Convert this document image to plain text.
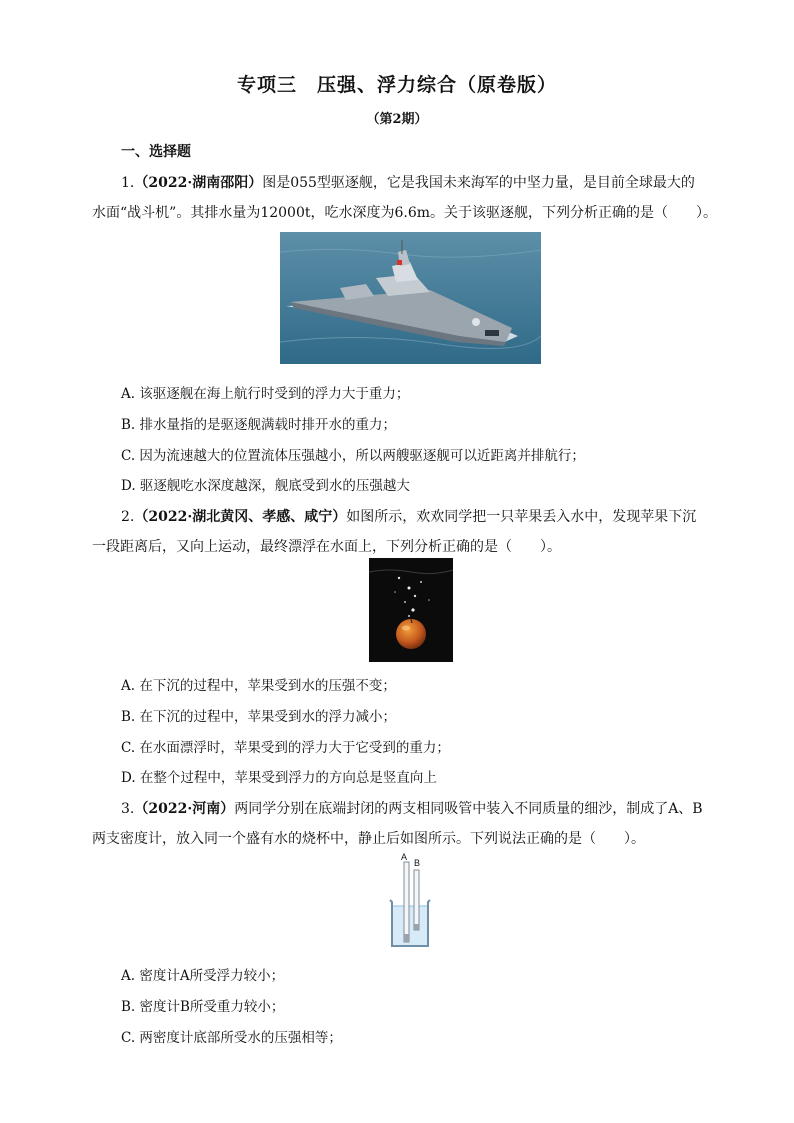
专项三　压强、浮力综合（原卷版）
（第2期）
一、选择题
1.（2022·湖南邵阳）图是055型驱逐舰，它是我国未来海军的中坚力量，是目前全球最大的
水面“战斗机”。其排水量为12000t，吃水深度为6.6m。关于该驱逐舰，下列分析正确的是（　　）。
A. 该驱逐舰在海上航行时受到的浮力大于重力；
B. 排水量指的是驱逐舰满载时排开水的重力；
C. 因为流速越大的位置流体压强越小，所以两艘驱逐舰可以近距离并排航行；
D. 驱逐舰吃水深度越深，舰底受到水的压强越大
2.（2022·湖北黄冈、孝感、咸宁）如图所示，欢欢同学把一只苹果丢入水中，发现苹果下沉
一段距离后，又向上运动，最终漂浮在水面上，下列分析正确的是（　　）。
A. 在下沉的过程中，苹果受到水的压强不变；
B. 在下沉的过程中，苹果受到水的浮力减小；
C. 在水面漂浮时，苹果受到的浮力大于它受到的重力；
D. 在整个过程中，苹果受到浮力的方向总是竖直向上
3.（2022·河南）两同学分别在底端封闭的两支相同吸管中装入不同质量的细沙，制成了A、B
两支密度计，放入同一个盛有水的烧杯中，静止后如图所示。下列说法正确的是（　　）。
A
B
A. 密度计A所受浮力较小；
B. 密度计B所受重力较小；
C. 两密度计底部所受水的压强相等；
